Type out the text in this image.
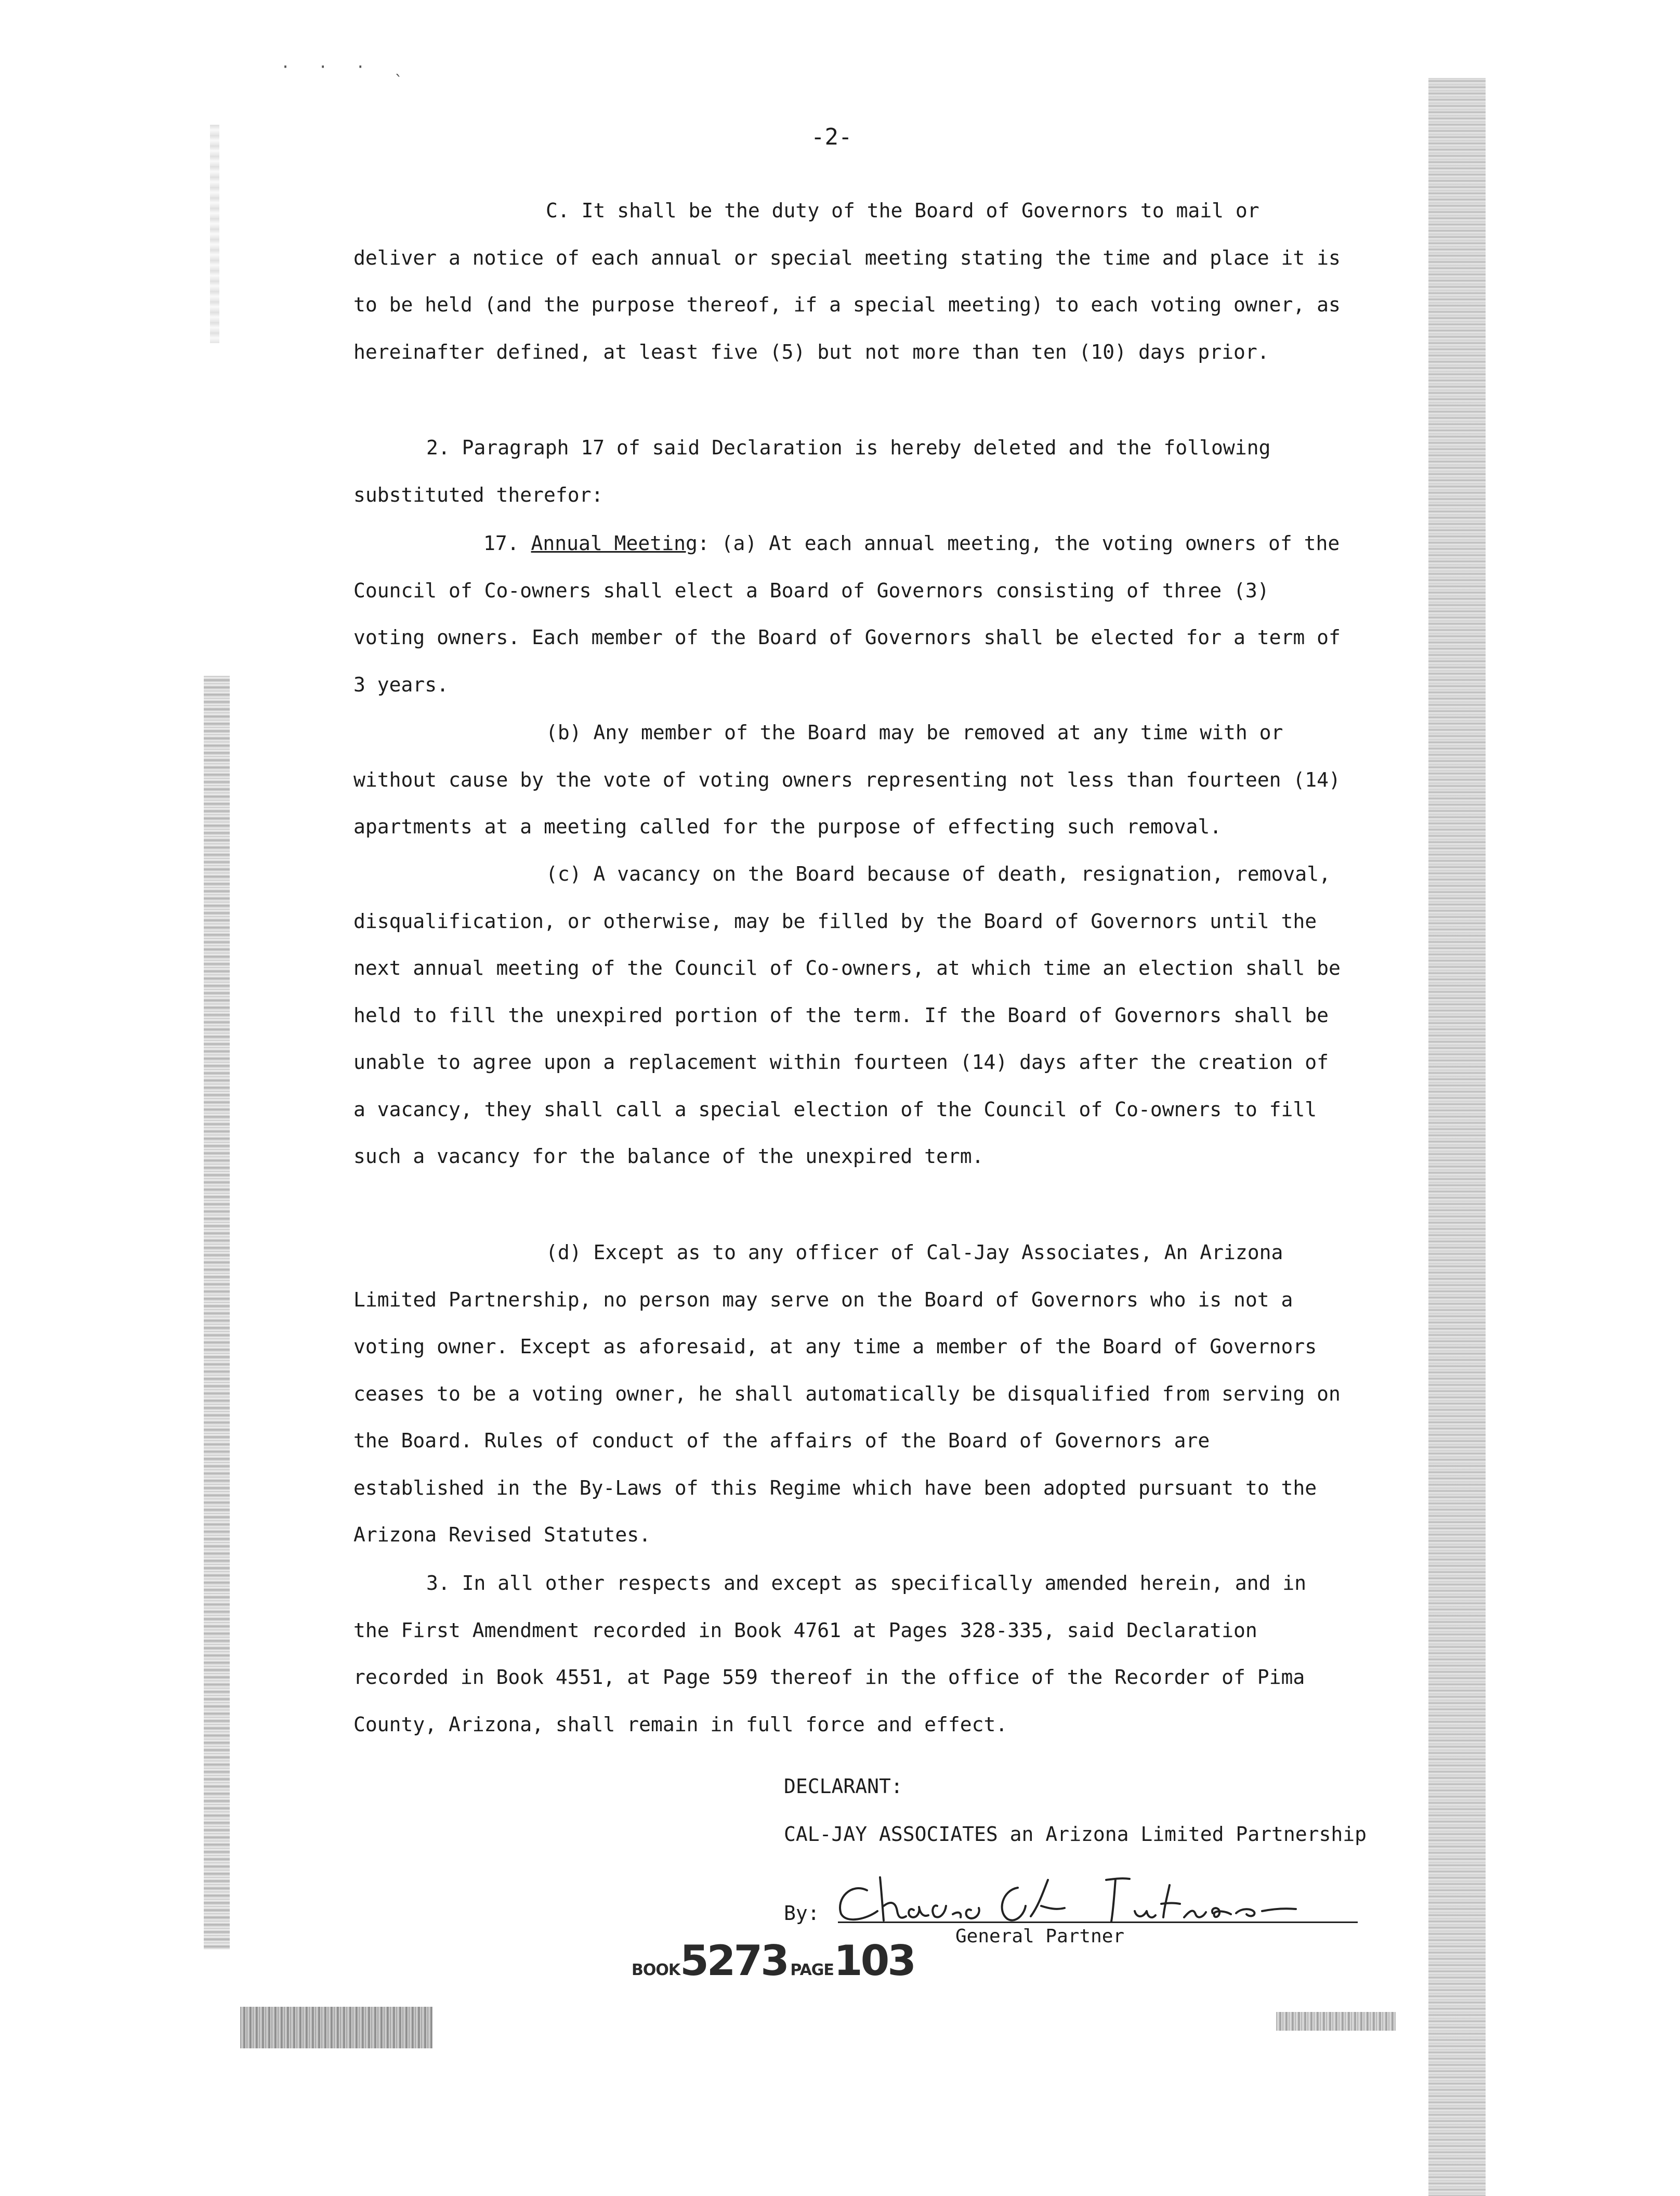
· · · ˎ
-2-

C. It shall be the duty of the Board of Governors to mail or deliver a notice of each annual or special meeting stating the time and place it is to be held (and the purpose thereof, if a special meeting) to each voting owner, as hereinafter defined, at least five (5) but not more than ten (10) days prior.

2. Paragraph 17 of said Declaration is hereby deleted and the following substituted therefor:

17. Annual Meeting: (a) At each annual meeting, the voting owners of the Council of Co-owners shall elect a Board of Governors consisting of three (3) voting owners. Each member of the Board of Governors shall be elected for a term of 3 years.

(b) Any member of the Board may be removed at any time with or without cause by the vote of voting owners representing not less than fourteen (14) apartments at a meeting called for the purpose of effecting such removal.

(c) A vacancy on the Board because of death, resignation, removal, disqualification, or otherwise, may be filled by the Board of Governors until the next annual meeting of the Council of Co-owners, at which time an election shall be held to fill the unexpired portion of the term. If the Board of Governors shall be unable to agree upon a replacement within fourteen (14) days after the creation of a vacancy, they shall call a special election of the Council of Co-owners to fill such a vacancy for the balance of the unexpired term.

(d) Except as to any officer of Cal-Jay Associates, An Arizona Limited Partnership, no person may serve on the Board of Governors who is not a voting owner. Except as aforesaid, at any time a member of the Board of Governors ceases to be a voting owner, he shall automatically be disqualified from serving on the Board. Rules of conduct of the affairs of the Board of Governors are established in the By-Laws of this Regime which have been adopted pursuant to the Arizona Revised Statutes.

3. In all other respects and except as specifically amended herein, and in the First Amendment recorded in Book 4761 at Pages 328-335, said Declaration recorded in Book 4551, at Page 559 thereof in the office of the Recorder of Pima County, Arizona, shall remain in full force and effect.

DECLARANT:
CAL-JAY ASSOCIATES an Arizona Limited Partnership
By:
General Partner
BOOK5273 PAGE103
